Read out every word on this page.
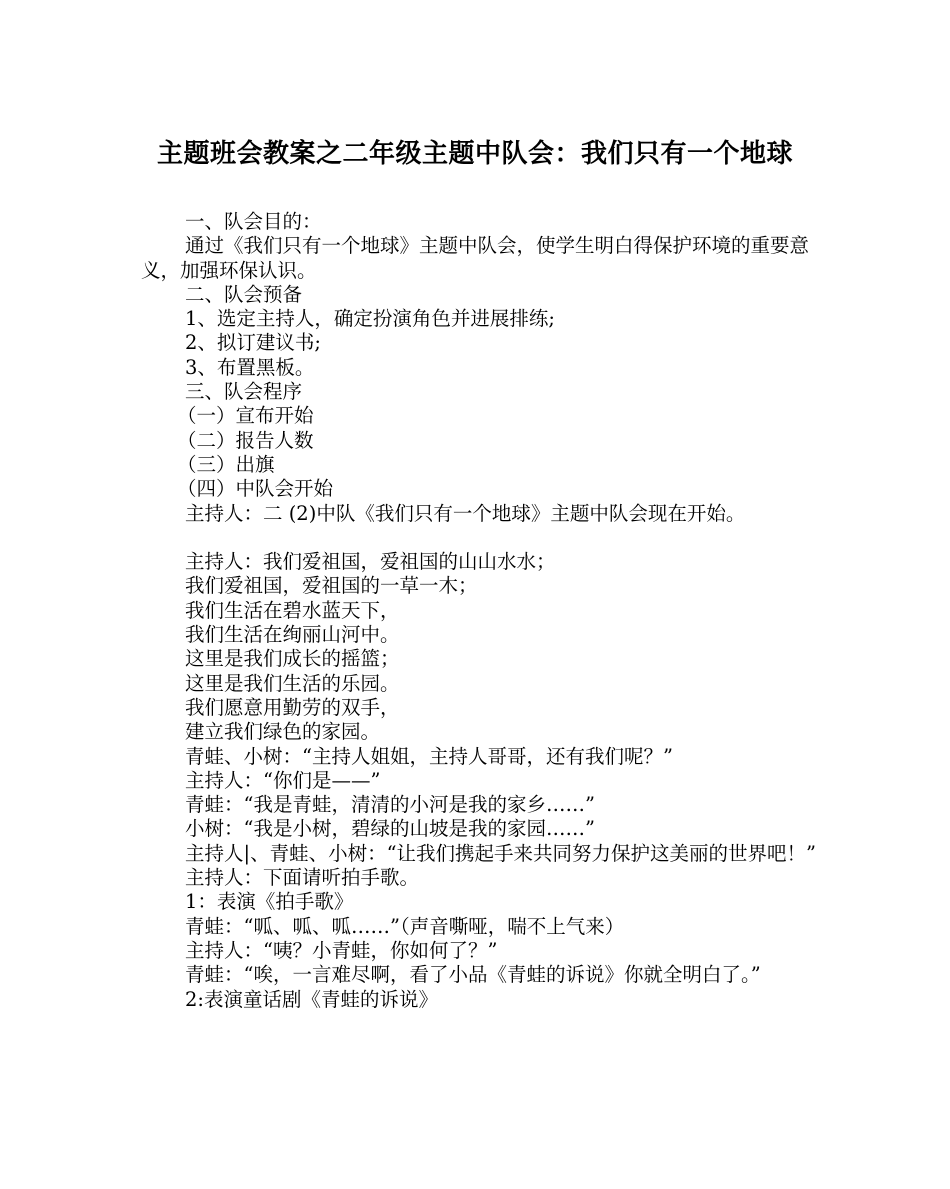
主题班会教案之二年级主题中队会：我们只有一个地球
一、队会目的：
通过《我们只有一个地球》主题中队会，使学生明白得保护环境的重要意义，加强环保认识。
二、队会预备
1、选定主持人，确定扮演角色并进展排练;
2、拟订建议书;
3、布置黑板。
三、队会程序
（一）宣布开始
（二）报告人数
（三）出旗
（四）中队会开始
主持人：二 (2)中队《我们只有一个地球》主题中队会现在开始。
主持人：我们爱祖国，爱祖国的山山水水；
我们爱祖国，爱祖国的一草一木；
我们生活在碧水蓝天下，
我们生活在绚丽山河中。
这里是我们成长的摇篮；
这里是我们生活的乐园。
我们愿意用勤劳的双手，
建立我们绿色的家园。
青蛙、小树：“主持人姐姐，主持人哥哥，还有我们呢？”
主持人：“你们是——”
青蛙：“我是青蛙，清清的小河是我的家乡……”
小树：“我是小树，碧绿的山坡是我的家园……”
主持人|、青蛙、小树：“让我们携起手来共同努力保护这美丽的世界吧！”
主持人：下面请听拍手歌。
1：表演《拍手歌》
青蛙：“呱、呱、呱……”（声音嘶哑，喘不上气来）
主持人：“咦？小青蛙，你如何了？”
青蛙：“唉，一言难尽啊，看了小品《青蛙的诉说》你就全明白了。”
2:表演童话剧《青蛙的诉说》
